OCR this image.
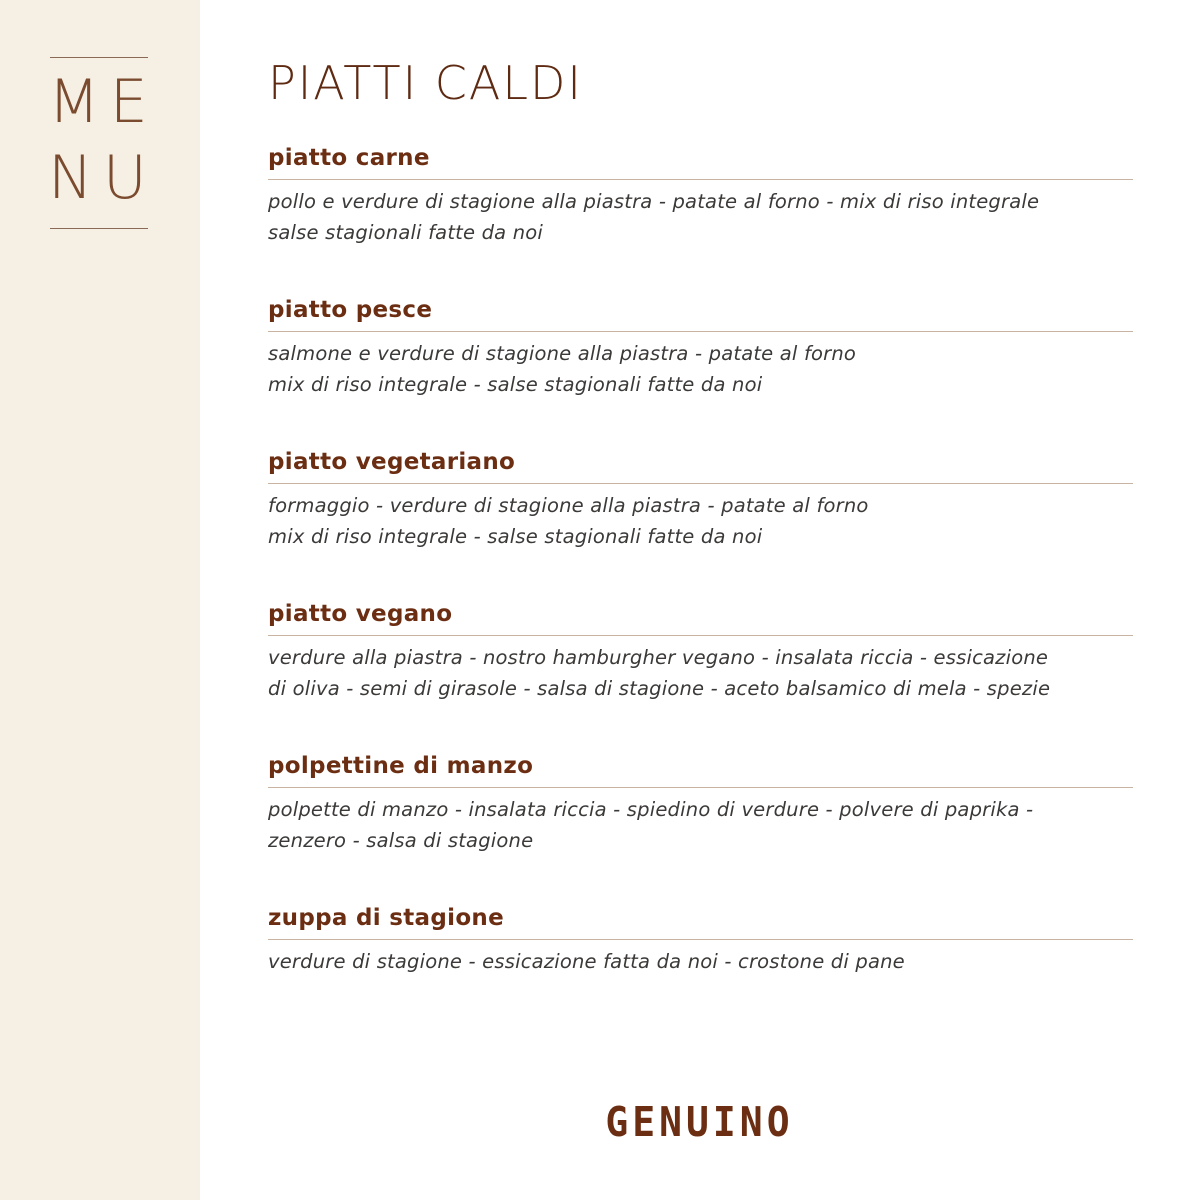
ME
NU
PIATTI CALDI
piatto carne
pollo e verdure di stagione alla piastra - patate al forno - mix di riso integrale
salse stagionali fatte da noi
piatto pesce
salmone e verdure di stagione alla piastra - patate al forno
mix di riso integrale - salse stagionali fatte da noi
piatto vegetariano
formaggio - verdure di stagione alla piastra - patate al forno
mix di riso integrale - salse stagionali fatte da noi
piatto vegano
verdure alla piastra - nostro hamburgher vegano - insalata riccia - essicazione
di oliva - semi di girasole - salsa di stagione - aceto balsamico di mela - spezie
polpettine di manzo
polpette di manzo - insalata riccia - spiedino di verdure - polvere di paprika -
zenzero - salsa di stagione
zuppa di stagione
verdure di stagione - essicazione fatta da noi - crostone di pane
GENUINO
